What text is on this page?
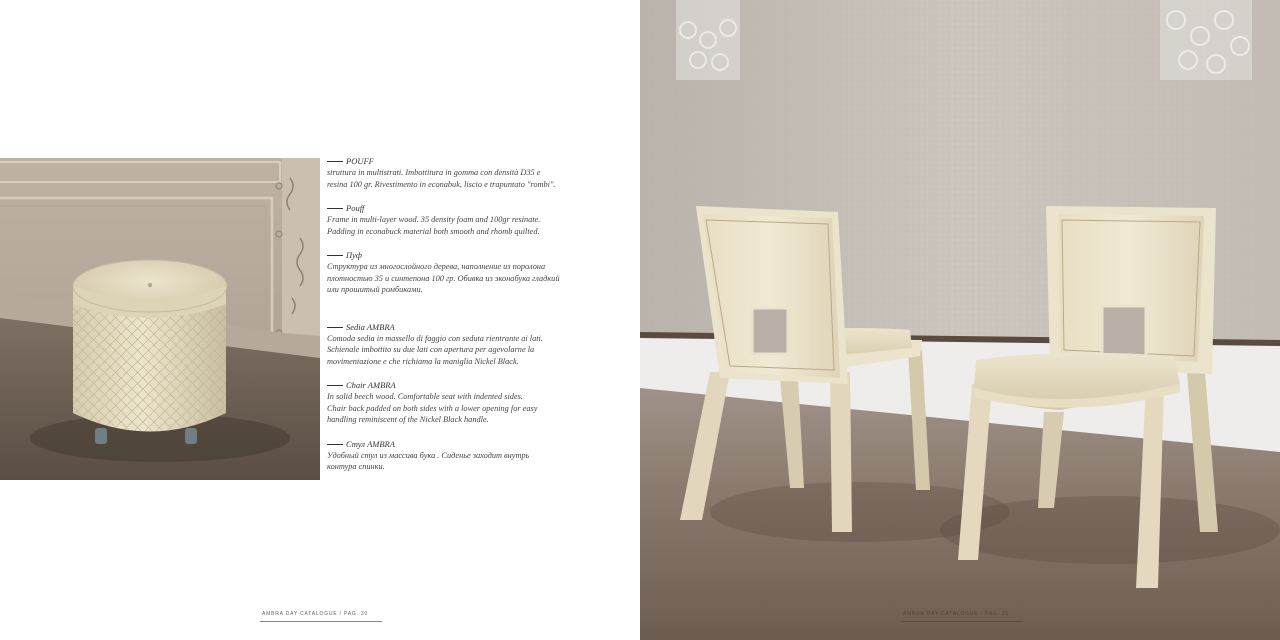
POUFF
struttura in multistrati. Imbottitura in gomma con densità D35 e
resina 100 gr. Rivestimento in econabuk, liscio e trapuntato "rombi".
Pouff
Frame in multi-layer wood. 35 density foam and 100gr resinate.
Padding in econabuck material both smooth and rhomb quilted.
Пуф
Структура из многослойного дерева, наполнение из поролона
плотностью 35 и синтепона 100 гр. Обивка из эконабука гладкий
или прошитый ромбиками.
Sedia AMBRA
Comoda sedia in massello di faggio con seduta rientrante ai lati.
Schienale imbottito su due lati con apertura per agevolarne la
movimentazione e che richiama la maniglia Nickel Black.
Chair AMBRA
In solid beech wood. Comfortable seat with indented sides.
Chair back padded on both sides with a lower opening for easy
handling reminiscent of the Nickel Black handle.
Стул AMBRA
Удобный стул из массива бука . Сиденье заходит внутрь
контура спинки.
AMBRA DAY CATALOGUE / PAG. 30	AMBRA DAY CATALOGUE / PAG. 31
